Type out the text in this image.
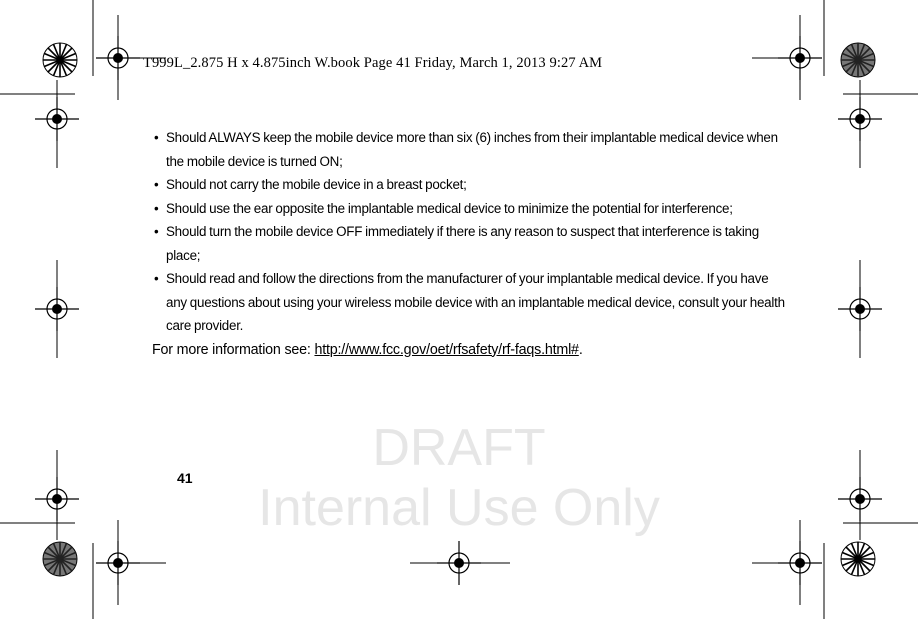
DRAFT
Internal Use Only
T999L_2.875 H x 4.875inch W.book Page 41 Friday, March 1, 2013 9:27 AM
• Should ALWAYS keep the mobile device more than six (6) inches from their implantable medical device when the mobile device is turned ON;
• Should not carry the mobile device in a breast pocket;
• Should use the ear opposite the implantable medical device to minimize the potential for interference;
• Should turn the mobile device OFF immediately if there is any reason to suspect that interference is taking place;
• Should read and follow the directions from the manufacturer of your implantable medical device. If you have any questions about using your wireless mobile device with an implantable medical device, consult your health care provider.
For more information see: http://www.fcc.gov/oet/rfsafety/rf-faqs.html#.
41
